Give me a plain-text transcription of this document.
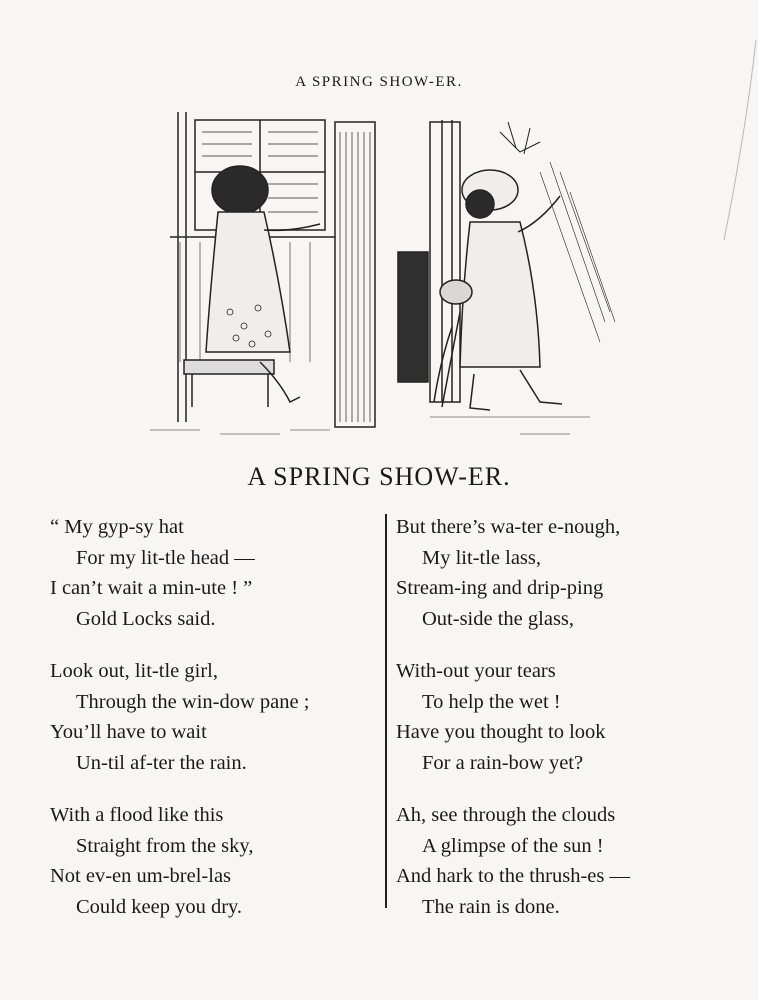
A SPRING SHOW-ER.
A SPRING SHOW-ER.
“ My gyp-sy hat
For my lit-tle head —
I can’t wait a min-ute ! ”
Gold Locks said.
Look out, lit-tle girl,
Through the win-dow pane ;
You’ll have to wait
Un-til af-ter the rain.
With a flood like this
Straight from the sky,
Not ev-en um-brel-las
Could keep you dry.
But there’s wa-ter e-nough,
My lit-tle lass,
Stream-ing and drip-ping
Out-side the glass,
With-out your tears
To help the wet !
Have you thought to look
For a rain-bow yet?
Ah, see through the clouds
A glimpse of the sun !
And hark to the thrush-es —
The rain is done.
